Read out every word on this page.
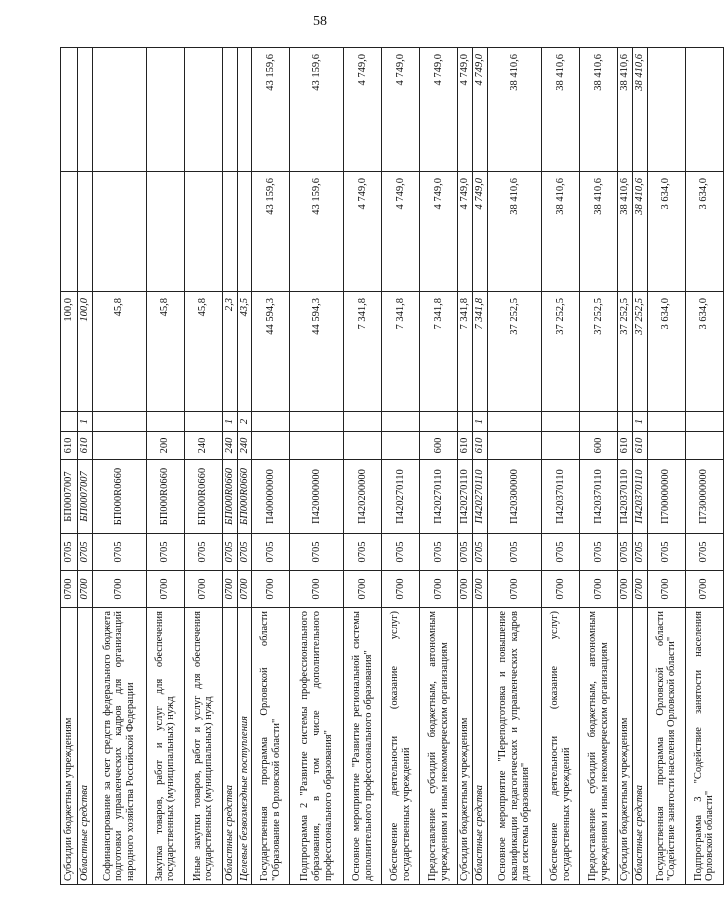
58
Субсидии бюджетным учреждениям	0700	0705	БП0007007	610		100,0		
Областные средства	0700	0705	БП0007007	610	1	100,0		
Софинансирование за счет средств федерального бюджета подготовки управленческих кадров для организаций народного хозяйства Российской Федерации	0700	0705	БП000R0660			45,8		
Закупка товаров, работ и услуг для обеспечения государственных (муниципальных) нужд	0700	0705	БП000R0660	200		45,8		
Иные закупки товаров, работ и услуг для обеспечения государственных (муниципальных) нужд	0700	0705	БП000R0660	240		45,8		
Областные средства	0700	0705	БП000R0660	240	1	2,3		
Целевые безвозмездные поступления	0700	0705	БП000R0660	240	2	43,5		
Государственная программа Орловской области "Образование в Орловской области"	0700	0705	П400000000			44 594,3	43 159,6	43 159,6
Подпрограмма 2 "Развитие системы профессионального образования, в том числе дополнительного профессионального образования"	0700	0705	П420000000			44 594,3	43 159,6	43 159,6
Основное мероприятие "Развитие региональной системы дополнительного профессионального образования"	0700	0705	П420200000			7 341,8	4 749,0	4 749,0
Обеспечение деятельности (оказание услуг) государственных учреждений	0700	0705	П420270110			7 341,8	4 749,0	4 749,0
Предоставление субсидий бюджетным, автономным учреждениям и иным некоммерческим организациям	0700	0705	П420270110	600		7 341,8	4 749,0	4 749,0
Субсидии бюджетным учреждениям	0700	0705	П420270110	610		7 341,8	4 749,0	4 749,0
Областные средства	0700	0705	П420270110	610	1	7 341,8	4 749,0	4 749,0
Основное мероприятие "Переподготовка и повышение квалификации педагогических и управленческих кадров для системы образования"	0700	0705	П420300000			37 252,5	38 410,6	38 410,6
Обеспечение деятельности (оказание услуг) государственных учреждений	0700	0705	П420370110			37 252,5	38 410,6	38 410,6
Предоставление субсидий бюджетным, автономным учреждениям и иным некоммерческим организациям	0700	0705	П420370110	600		37 252,5	38 410,6	38 410,6
Субсидии бюджетным учреждениям	0700	0705	П420370110	610		37 252,5	38 410,6	38 410,6
Областные средства	0700	0705	П420370110	610	1	37 252,5	38 410,6	38 410,6
Государственная программа Орловской области "Содействие занятости населения Орловской области"	0700	0705	П700000000			3 634,0	3 634,0	
Подпрограмма 3 "Содействие занятости населения Орловской области"	0700	0705	П730000000			3 634,0	3 634,0	
